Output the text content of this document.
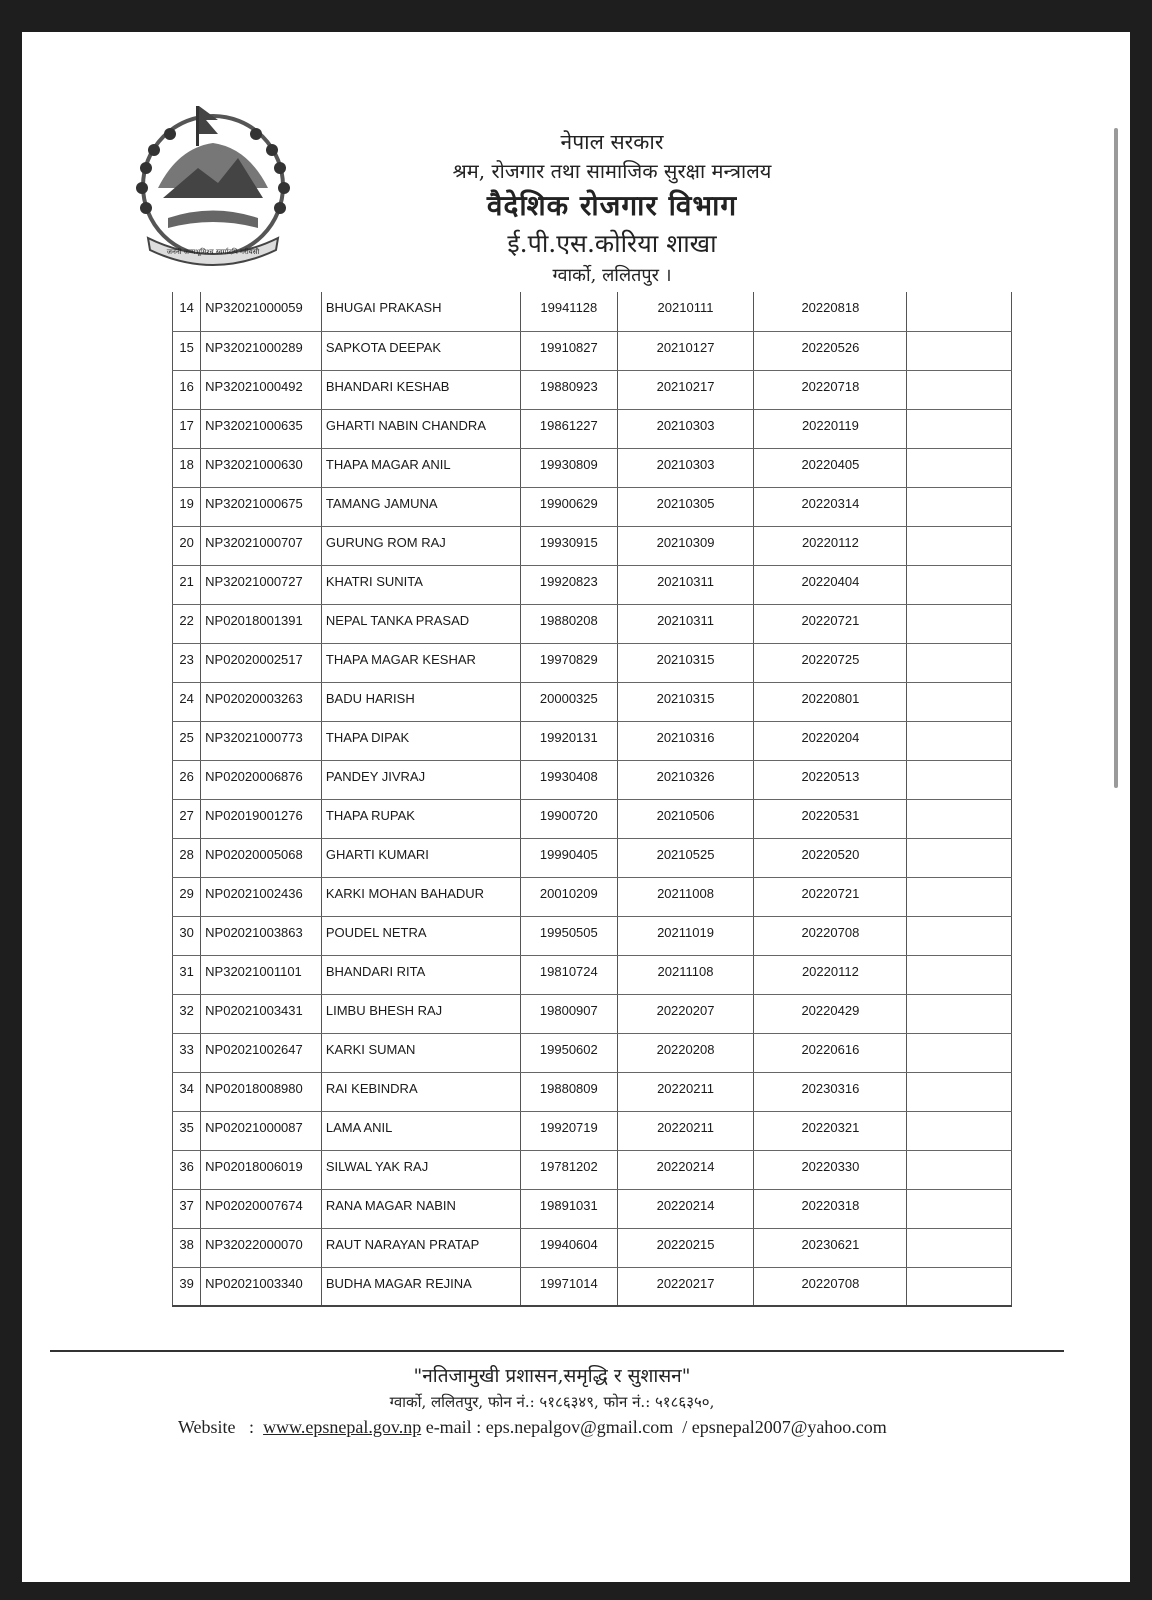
जननी जन्मभूमिश्च स्वर्गादपि गरीयसी
नेपाल सरकार
श्रम, रोजगार तथा सामाजिक सुरक्षा मन्त्रालय
वैदेशिक रोजगार विभाग
ई.पी.एस.कोरिया शाखा
ग्वार्को, ललितपुर ।
14	NP32021000059	BHUGAI PRAKASH	19941128	20210111	20220818	
15	NP32021000289	SAPKOTA DEEPAK	19910827	20210127	20220526	
16	NP32021000492	BHANDARI KESHAB	19880923	20210217	20220718	
17	NP32021000635	GHARTI NABIN CHANDRA	19861227	20210303	20220119	
18	NP32021000630	THAPA MAGAR ANIL	19930809	20210303	20220405	
19	NP32021000675	TAMANG JAMUNA	19900629	20210305	20220314	
20	NP32021000707	GURUNG ROM RAJ	19930915	20210309	20220112	
21	NP32021000727	KHATRI SUNITA	19920823	20210311	20220404	
22	NP02018001391	NEPAL TANKA PRASAD	19880208	20210311	20220721	
23	NP02020002517	THAPA MAGAR KESHAR	19970829	20210315	20220725	
24	NP02020003263	BADU HARISH	20000325	20210315	20220801	
25	NP32021000773	THAPA DIPAK	19920131	20210316	20220204	
26	NP02020006876	PANDEY JIVRAJ	19930408	20210326	20220513	
27	NP02019001276	THAPA RUPAK	19900720	20210506	20220531	
28	NP02020005068	GHARTI KUMARI	19990405	20210525	20220520	
29	NP02021002436	KARKI MOHAN BAHADUR	20010209	20211008	20220721	
30	NP02021003863	POUDEL NETRA	19950505	20211019	20220708	
31	NP32021001101	BHANDARI RITA	19810724	20211108	20220112	
32	NP02021003431	LIMBU BHESH RAJ	19800907	20220207	20220429	
33	NP02021002647	KARKI SUMAN	19950602	20220208	20220616	
34	NP02018008980	RAI KEBINDRA	19880809	20220211	20230316	
35	NP02021000087	LAMA ANIL	19920719	20220211	20220321	
36	NP02018006019	SILWAL YAK RAJ	19781202	20220214	20220330	
37	NP02020007674	RANA MAGAR NABIN	19891031	20220214	20220318	
38	NP32022000070	RAUT NARAYAN PRATAP	19940604	20220215	20230621	
39	NP02021003340	BUDHA MAGAR REJINA	19971014	20220217	20220708	
"नतिजामुखी प्रशासन,समृद्धि र सुशासन"
ग्वार्को, ललितपुर, फोन नं.: ५१८६३४९, फोन नं.: ५१८६३५०,
Website : www.epsnepal.gov.np e-mail : eps.nepalgov@gmail.com / epsnepal2007@yahoo.com
